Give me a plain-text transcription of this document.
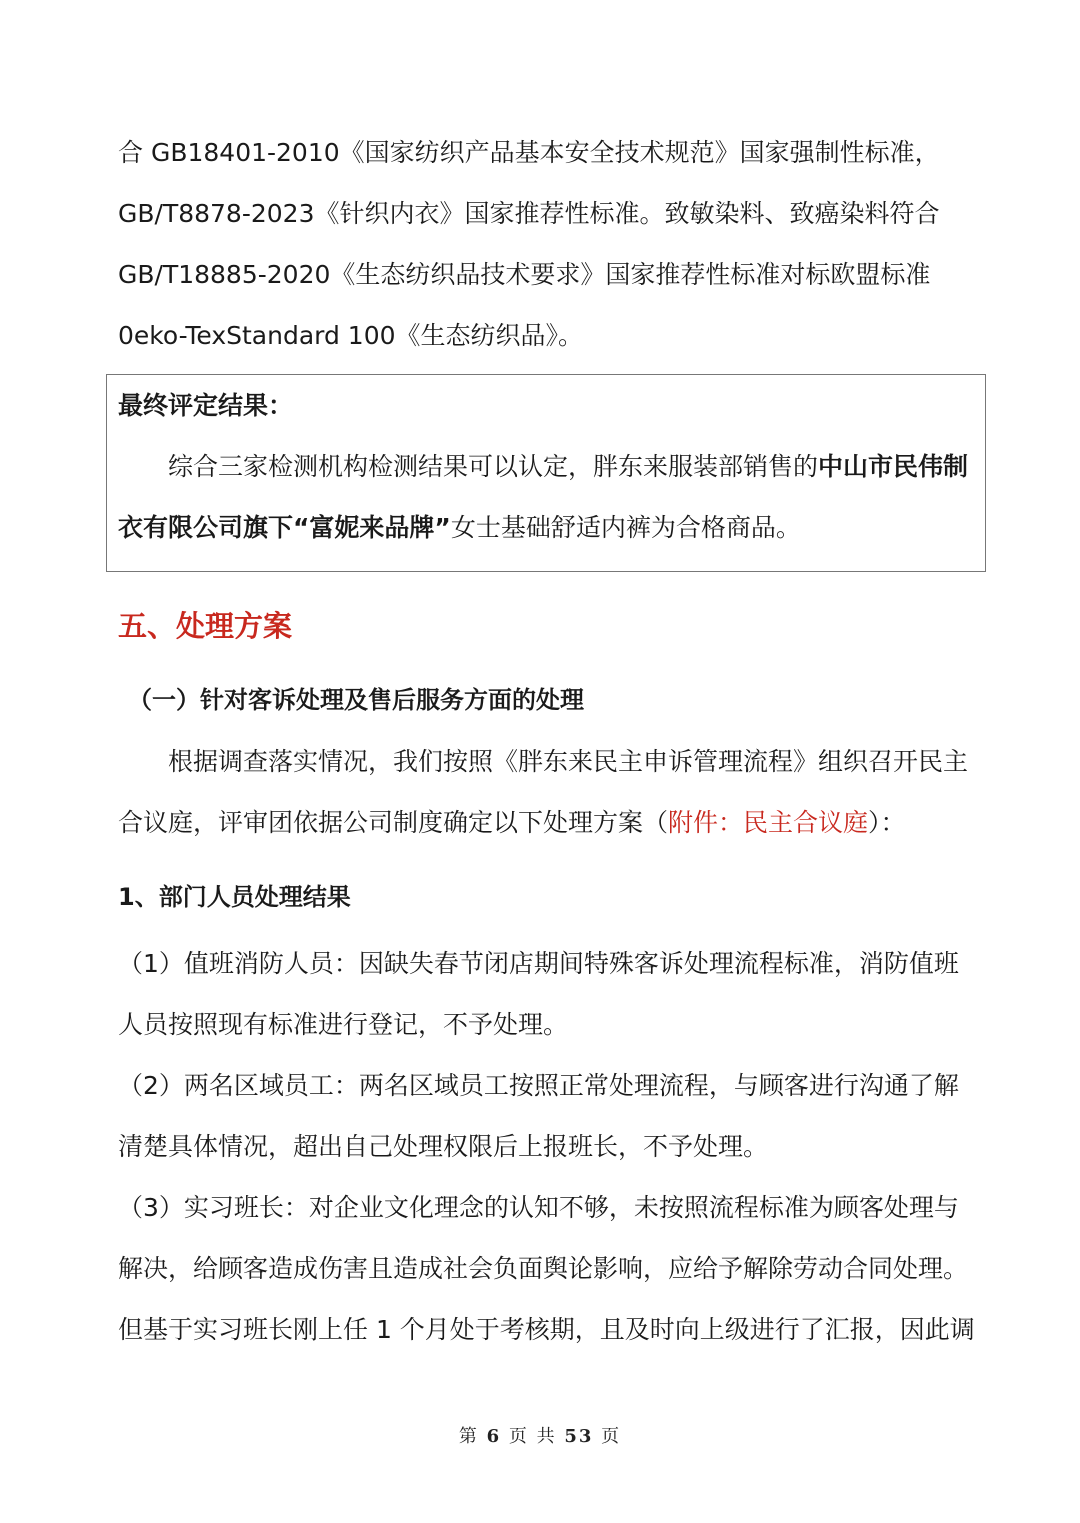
合 GB18401-2010《国家纺织产品基本安全技术规范》国家强制性标准，
GB/T8878-2023《针织内衣》国家推荐性标准。致敏染料、致癌染料符合
GB/T18885-2020《生态纺织品技术要求》国家推荐性标准对标欧盟标准
0eko-TexStandard 100《生态纺织品》。
最终评定结果：
综合三家检测机构检测结果可以认定，胖东来服装部销售的中山市民伟制
衣有限公司旗下“富妮来品牌”女士基础舒适内裤为合格商品。
五、处理方案
（一）针对客诉处理及售后服务方面的处理
根据调查落实情况，我们按照《胖东来民主申诉管理流程》组织召开民主
合议庭，评审团依据公司制度确定以下处理方案（附件：民主合议庭）：
1、部门人员处理结果
（1）值班消防人员：因缺失春节闭店期间特殊客诉处理流程标准，消防值班
人员按照现有标准进行登记，不予处理。
（2）两名区域员工：两名区域员工按照正常处理流程，与顾客进行沟通了解
清楚具体情况，超出自己处理权限后上报班长，不予处理。
（3）实习班长：对企业文化理念的认知不够，未按照流程标准为顾客处理与
解决，给顾客造成伤害且造成社会负面舆论影响，应给予解除劳动合同处理。
但基于实习班长刚上任 1 个月处于考核期，且及时向上级进行了汇报，因此调
第 6 页 共 53 页
